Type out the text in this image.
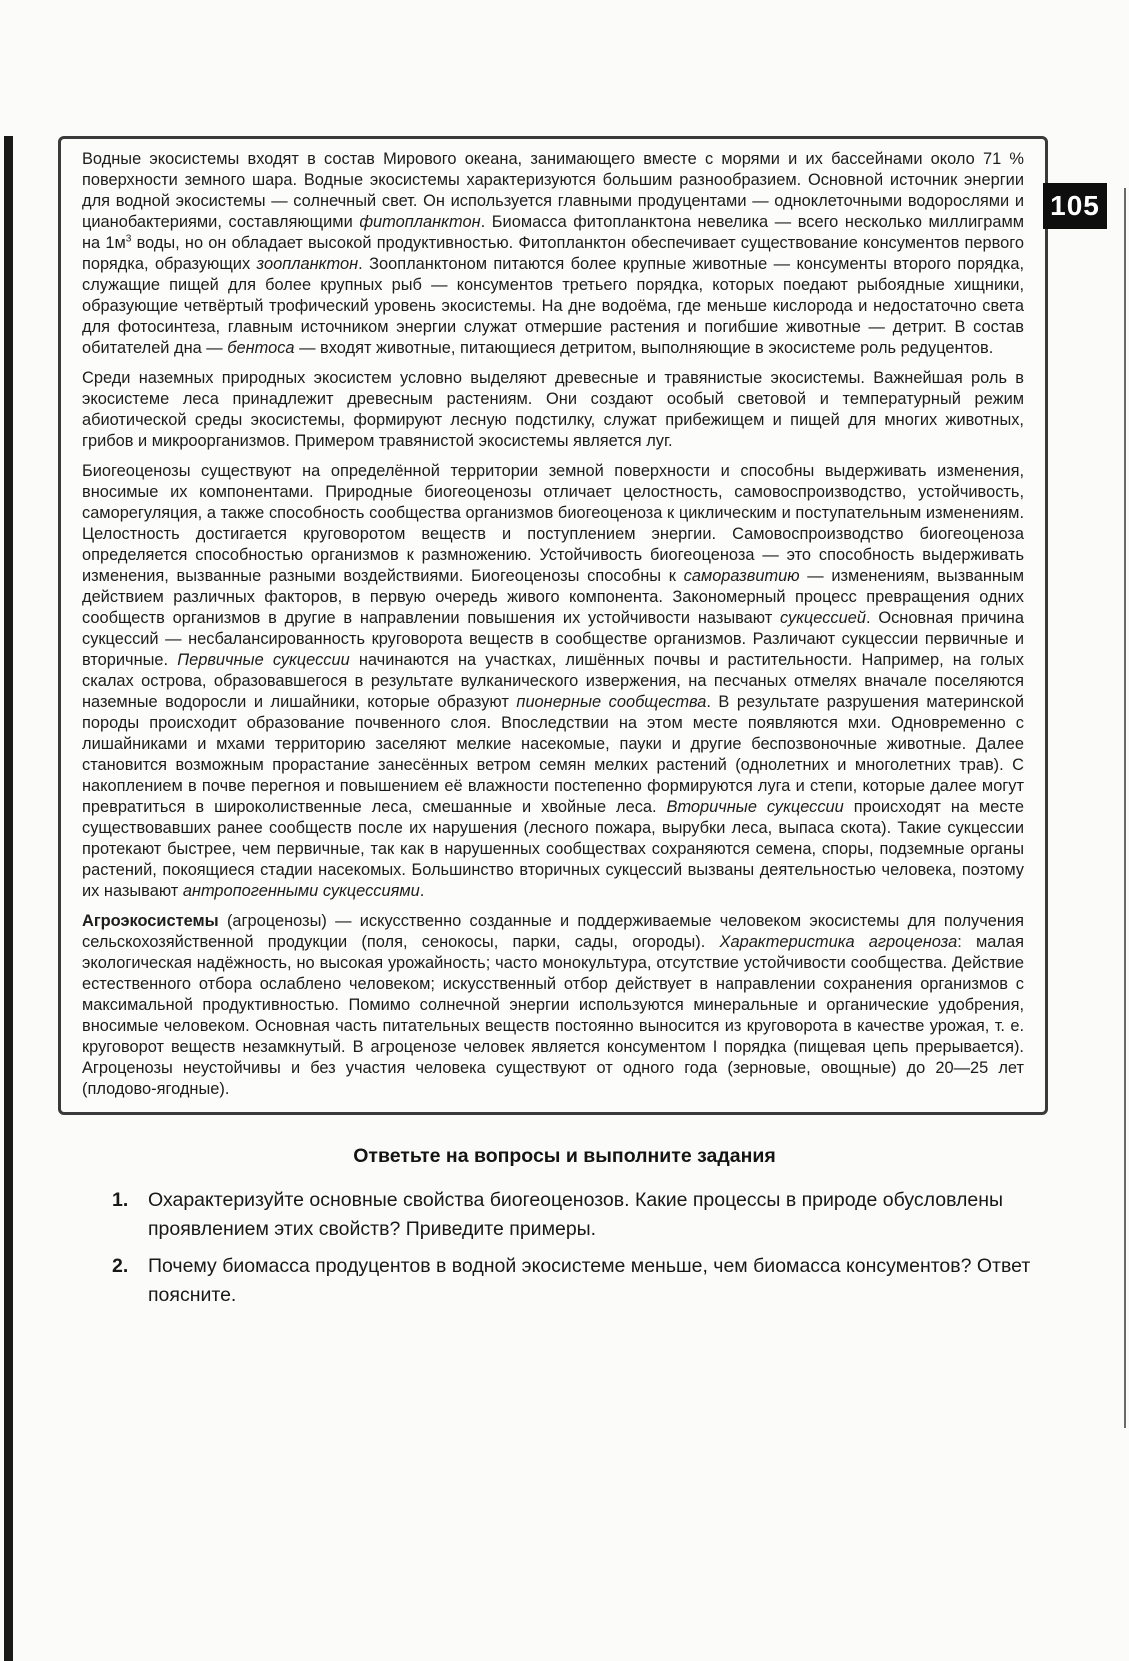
105

Водные экосистемы входят в состав Мирового океана, занимающего вместе с морями и их бассейнами около 71 % поверхности земного шара. Водные экосистемы характеризуются большим разнообразием. Основной источник энергии для водной экосистемы — солнечный свет. Он используется главными продуцентами — одноклеточными водорослями и цианобактериями, составляющими фитопланктон. Биомасса фитопланктона невелика — всего несколько миллиграмм на $1м^3$ воды, но он обладает высокой продуктивностью. Фитопланктон обеспечивает существование консументов первого порядка, образующих зоопланктон. Зоопланктоном питаются более крупные животные — консументы второго порядка, служащие пищей для более крупных рыб — консументов третьего порядка, которых поедают рыбоядные хищники, образующие четвёртый трофический уровень экосистемы. На дне водоёма, где меньше кислорода и недостаточно света для фотосинтеза, главным источником энергии служат отмершие растения и погибшие животные — детрит. В состав обитателей дна — бентоса — входят животные, питающиеся детритом, выполняющие в экосистеме роль редуцентов.

Среди наземных природных экосистем условно выделяют древесные и травянистые экосистемы. Важнейшая роль в экосистеме леса принадлежит древесным растениям. Они создают особый световой и температурный режим абиотической среды экосистемы, формируют лесную подстилку, служат прибежищем и пищей для многих животных, грибов и микроорганизмов. Примером травянистой экосистемы является луг.

Биогеоценозы существуют на определённой территории земной поверхности и способны выдерживать изменения, вносимые их компонентами. Природные биогеоценозы отличает целостность, самовоспроизводство, устойчивость, саморегуляция, а также способность сообщества организмов биогеоценоза к циклическим и поступательным изменениям. Целостность достигается круговоротом веществ и поступлением энергии. Самовоспроизводство биогеоценоза определяется способностью организмов к размножению. Устойчивость биогеоценоза — это способность выдерживать изменения, вызванные разными воздействиями. Биогеоценозы способны к саморазвитию — изменениям, вызванным действием различных факторов, в первую очередь живого компонента. Закономерный процесс превращения одних сообществ организмов в другие в направлении повышения их устойчивости называют сукцессией. Основная причина сукцессий — несбалансированность круговорота веществ в сообществе организмов. Различают сукцессии первичные и вторичные. Первичные сукцессии начинаются на участках, лишённых почвы и растительности. Например, на голых скалах острова, образовавшегося в результате вулканического извержения, на песчаных отмелях вначале поселяются наземные водоросли и лишайники, которые образуют пионерные сообщества. В результате разрушения материнской породы происходит образование почвенного слоя. Впоследствии на этом месте появляются мхи. Одновременно с лишайниками и мхами территорию заселяют мелкие насекомые, пауки и другие беспозвоночные животные. Далее становится возможным прорастание занесённых ветром семян мелких растений (однолетних и многолетних трав). С накоплением в почве перегноя и повышением её влажности постепенно формируются луга и степи, которые далее могут превратиться в широколиственные леса, смешанные и хвойные леса. Вторичные сукцессии происходят на месте существовавших ранее сообществ после их нарушения (лесного пожара, вырубки леса, выпаса скота). Такие сукцессии протекают быстрее, чем первичные, так как в нарушенных сообществах сохраняются семена, споры, подземные органы растений, покоящиеся стадии насекомых. Большинство вторичных сукцессий вызваны деятельностью человека, поэтому их называют антропогенными сукцессиями.

Агроэкосистемы (агроценозы) — искусственно созданные и поддерживаемые человеком экосистемы для получения сельскохозяйственной продукции (поля, сенокосы, парки, сады, огороды). Характеристика агроценоза: малая экологическая надёжность, но высокая урожайность; часто монокультура, отсутствие устойчивости сообщества. Действие естественного отбора ослаблено человеком; искусственный отбор действует в направлении сохранения организмов с максимальной продуктивностью. Помимо солнечной энергии используются минеральные и органические удобрения, вносимые человеком. Основная часть питательных веществ постоянно выносится из круговорота в качестве урожая, т. е. круговорот веществ незамкнутый. В агроценозе человек является консументом I порядка (пищевая цепь прерывается). Агроценозы неустойчивы и без участия человека существуют от одного года (зерновые, овощные) до 20—25 лет (плодово-ягодные).

Ответьте на вопросы и выполните задания
1.	Охарактеризуйте основные свойства биогеоценозов. Какие процессы в природе обусловлены проявлением этих свойств? Приведите примеры.
2.	Почему биомасса продуцентов в водной экосистеме меньше, чем биомасса консументов? Ответ поясните.
